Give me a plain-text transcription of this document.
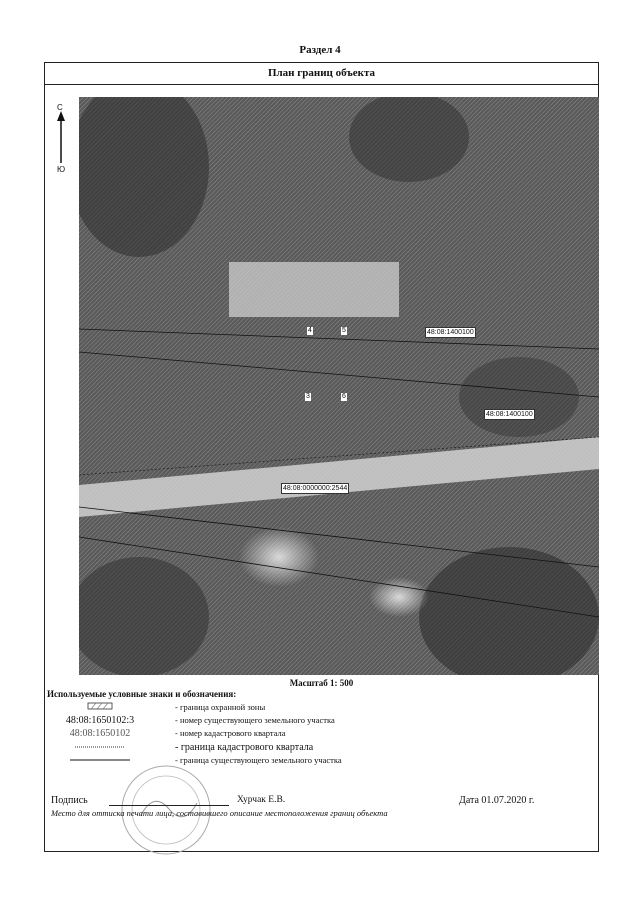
Раздел 4
План границ объекта
С
Ю
4	5
3	6
48:08:1400100
48:08:1400100
48:08:0000000:2544
Масштаб 1: 500
Используемые условные знаки и обозначения:
- граница охранной зоны
48:08:1650102:3	- номер существующего земельного участка
48:08:1650102	- номер кадастрового квартала
- граница кадастрового квартала
- граница существующего земельного участка
Подпись	Хурчак Е.В.	Дата 01.07.2020 г.
Место для оттиска печати лица, составившего описание местоположения границ объекта
